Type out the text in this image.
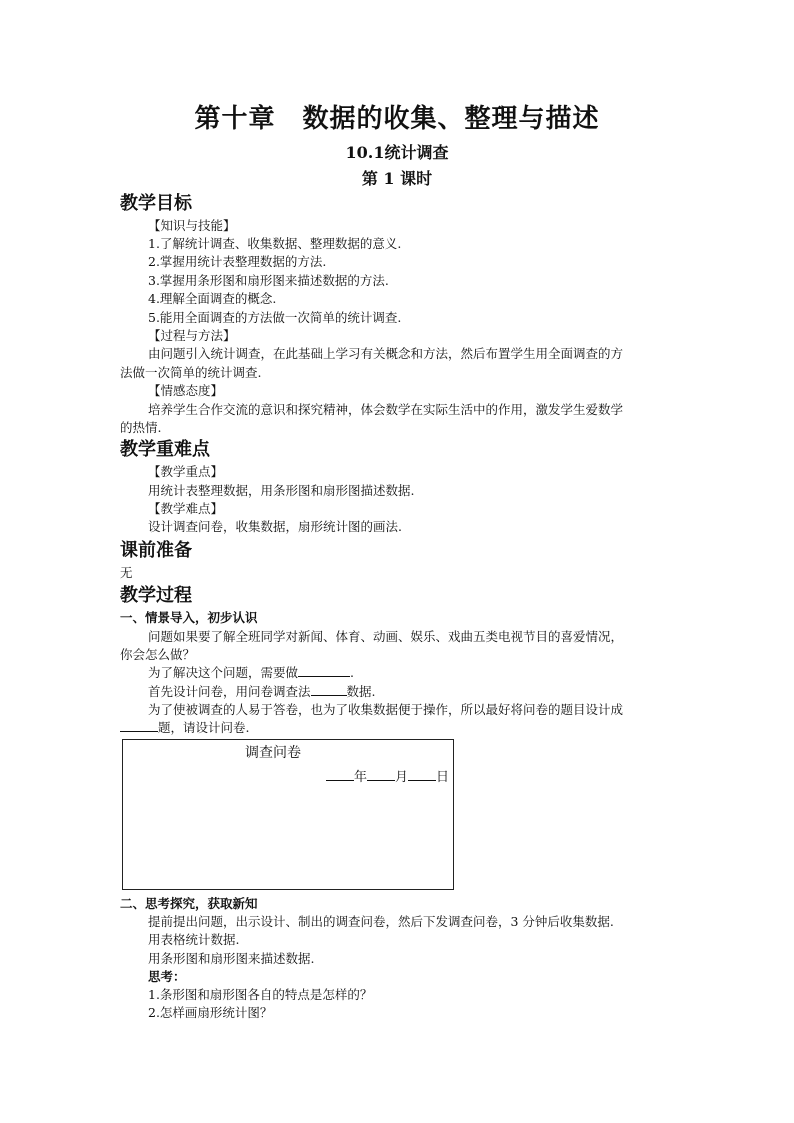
第十章　数据的收集、整理与描述
10.1统计调查
第 1 课时
教学目标
【知识与技能】
1.了解统计调查、收集数据、整理数据的意义.
2.掌握用统计表整理数据的方法.
3.掌握用条形图和扇形图来描述数据的方法.
4.理解全面调查的概念.
5.能用全面调查的方法做一次简单的统计调查.
【过程与方法】
由问题引入统计调查，在此基础上学习有关概念和方法，然后布置学生用全面调查的方
法做一次简单的统计调查.
【情感态度】
培养学生合作交流的意识和探究精神，体会数学在实际生活中的作用，激发学生爱数学
的热情.
教学重难点
【教学重点】
用统计表整理数据，用条形图和扇形图描述数据.
【教学难点】
设计调查问卷，收集数据，扇形统计图的画法.
课前准备
无
教学过程
一、情景导入，初步认识
问题如果要了解全班同学对新闻、体育、动画、娱乐、戏曲五类电视节目的喜爱情况，
你会怎么做？
为了解决这个问题，需要做	.
首先设计问卷，用问卷调查法	数据.
为了使被调查的人易于答卷，也为了收集数据便于操作，所以最好将问卷的题目设计成
题，请设计问卷.
调查问卷
年 月 日
二、思考探究，获取新知
提前提出问题，出示设计、制出的调查问卷，然后下发调查问卷，3 分钟后收集数据.
用表格统计数据.
用条形图和扇形图来描述数据.
思考：
1.条形图和扇形图各自的特点是怎样的？
2.怎样画扇形统计图？
